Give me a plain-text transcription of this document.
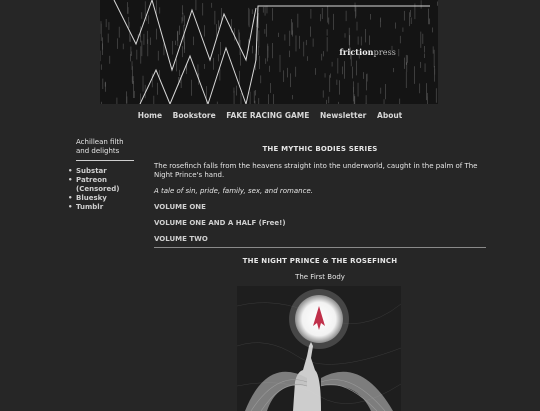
frictionpress
Home Bookstore FAKE RACING GAME Newsletter About
Achillean filth and delights
• Substar
• Patreon (Censored)
• Bluesky
• Tumblr
THE MYTHIC BODIES SERIES

The rosefinch falls from the heavens straight into the underworld, caught in the palm of The Night Prince's hand.

A tale of sin, pride, family, sex, and romance.

VOLUME ONE
VOLUME ONE AND A HALF (Free!)
VOLUME TWO
THE NIGHT PRINCE & THE ROSEFINCH
The First Body
